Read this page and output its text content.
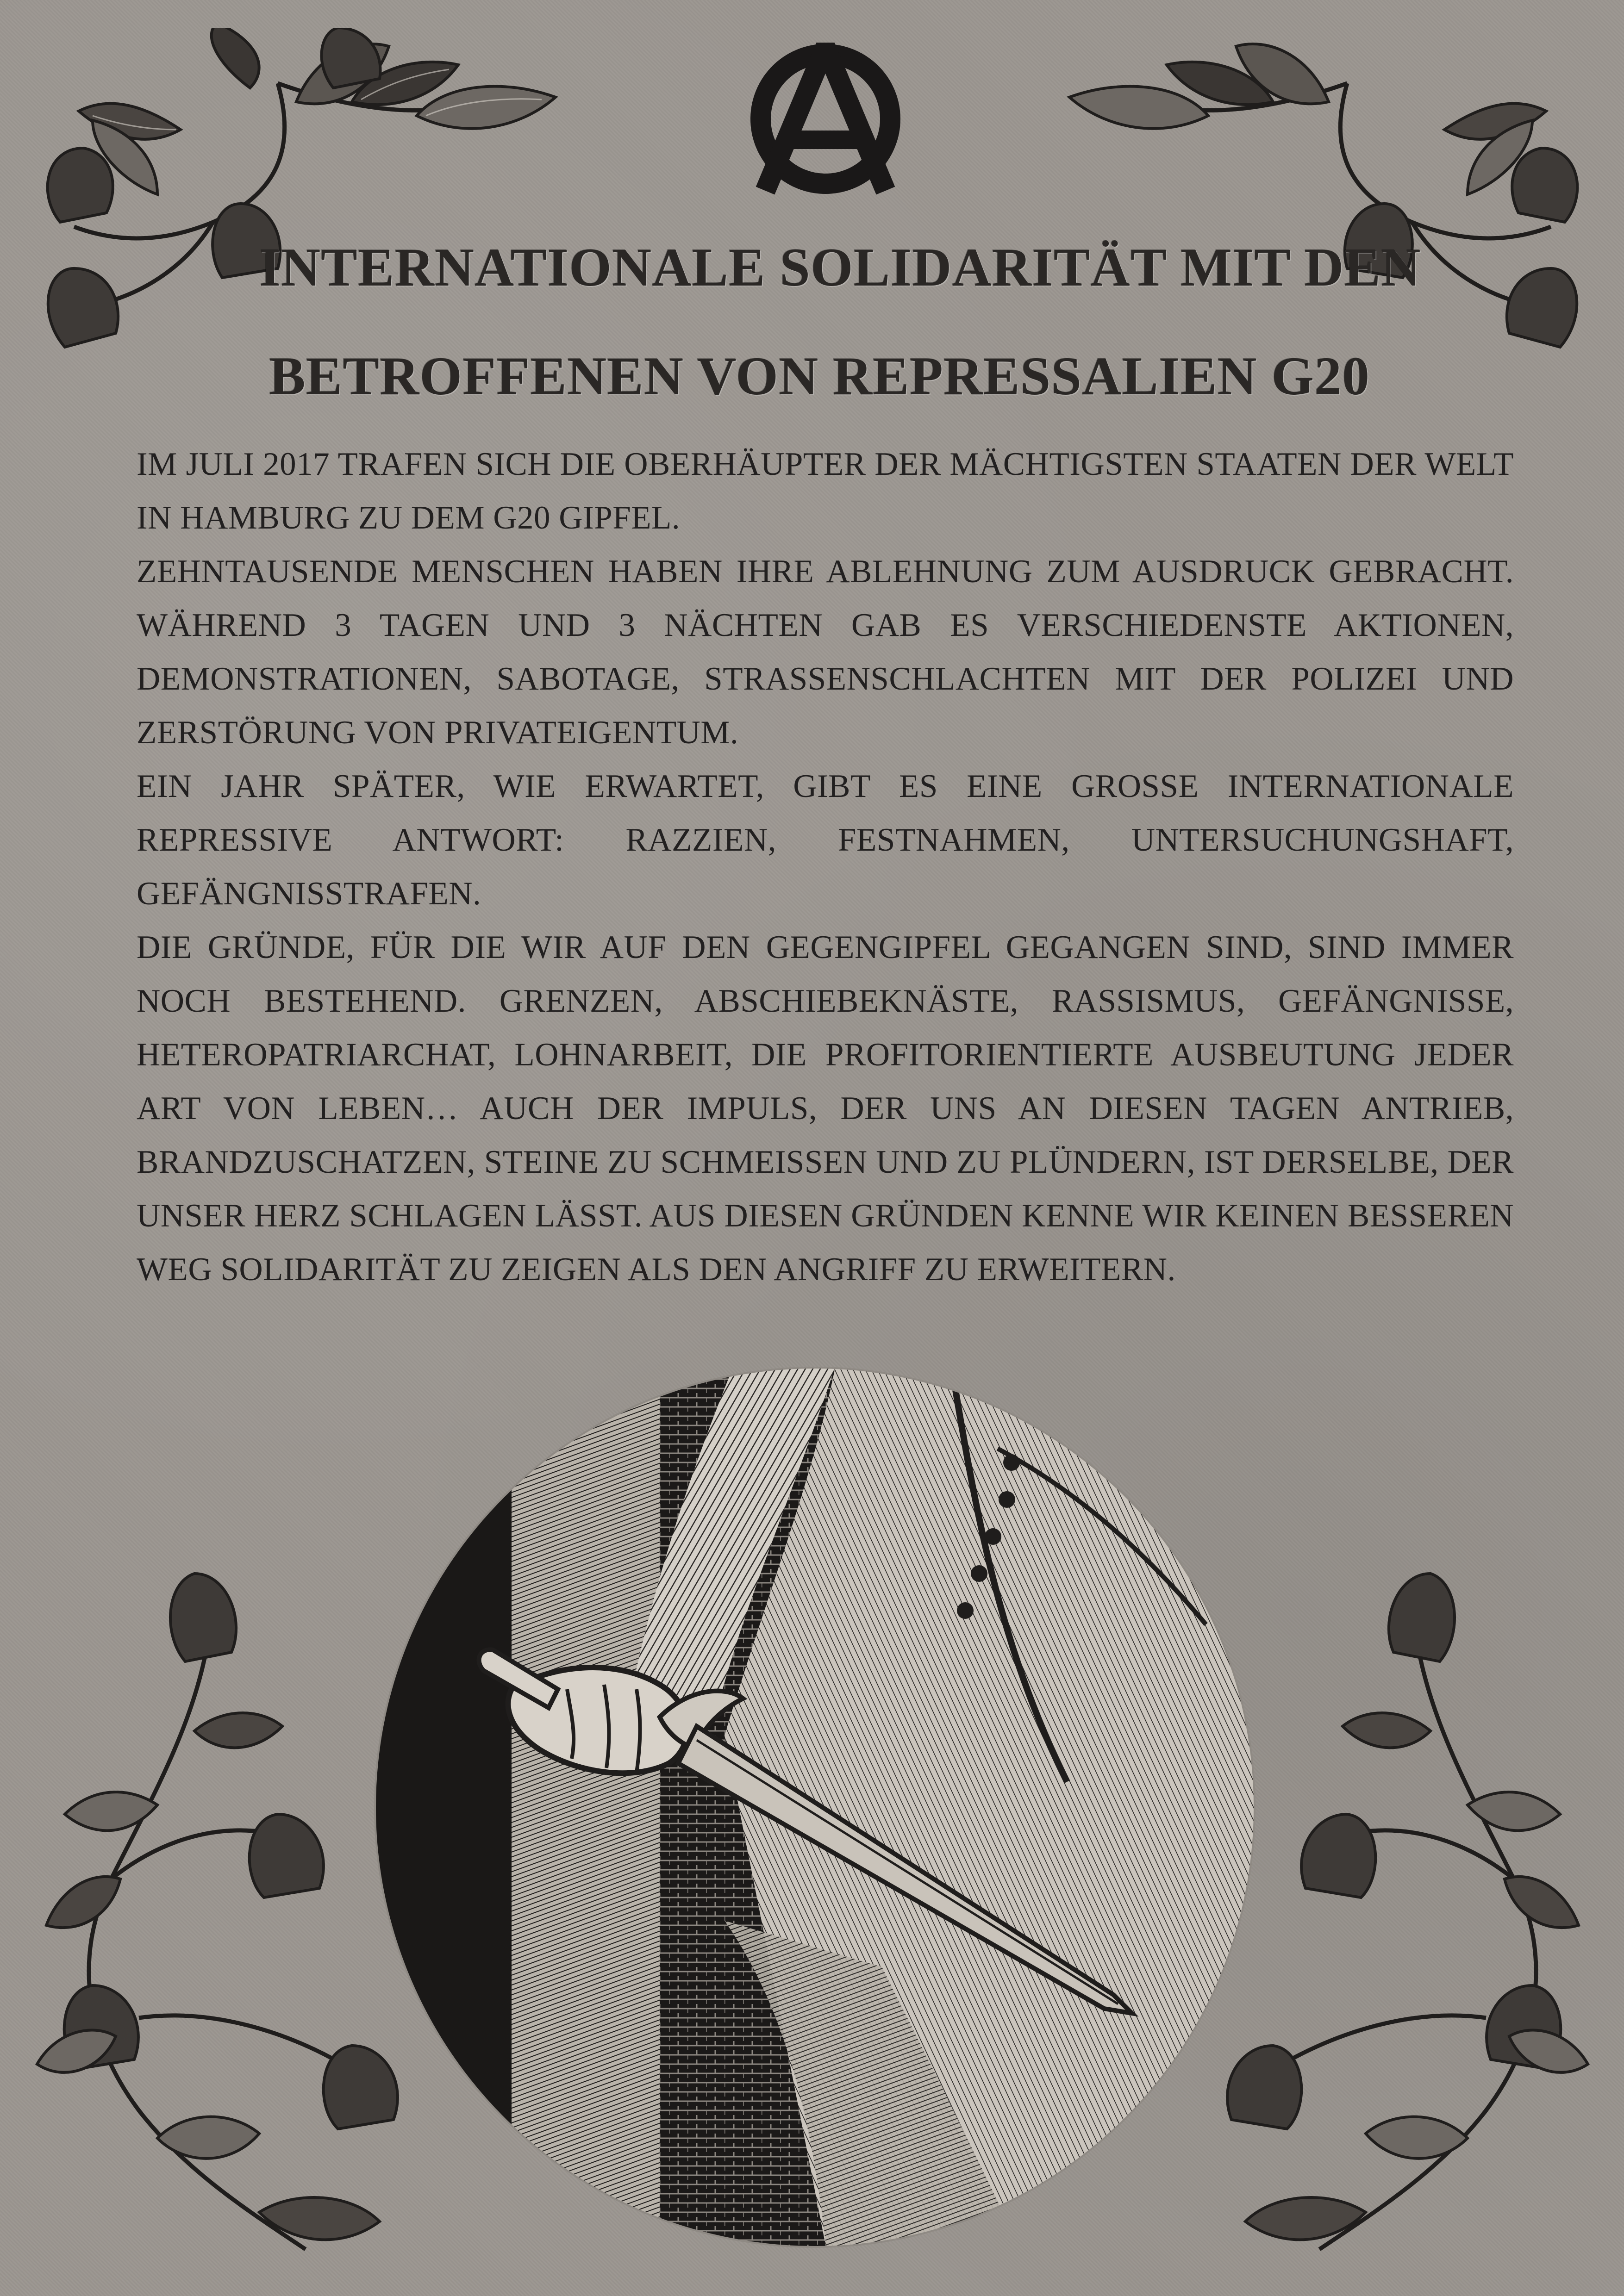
INTERNATIONALE SOLIDARITÄT MIT DEN
BETROFFENEN VON REPRESSALIEN G20

IM JULI 2017 TRAFEN SICH DIE OBERHÄUPTER DER MÄCHTIGSTEN STAATEN DER WELT IN HAMBURG ZU DEM G20 GIPFEL.

ZEHNTAUSENDE MENSCHEN HABEN IHRE ABLEHNUNG ZUM AUSDRUCK GEBRACHT. WÄHREND 3 TAGEN UND 3 NÄCHTEN GAB ES VERSCHIEDENSTE AKTIONEN, DEMONSTRATIONEN, SABOTAGE, STRASSENSCHLACHTEN MIT DER POLIZEI UND ZERSTÖRUNG VON PRIVATEIGENTUM.

EIN JAHR SPÄTER, WIE ERWARTET, GIBT ES EINE GROSSE INTERNATIONALE REPRESSIVE ANTWORT: RAZZIEN, FESTNAHMEN, UNTERSUCHUNGSHAFT, GEFÄNGNISSTRAFEN.

DIE GRÜNDE, FÜR DIE WIR AUF DEN GEGENGIPFEL GEGANGEN SIND, SIND IMMER NOCH BESTEHEND. GRENZEN, ABSCHIEBEKNÄSTE, RASSISMUS, GEFÄNGNISSE, HETEROPATRIARCHAT, LOHNARBEIT, DIE PROFITORIENTIERTE AUSBEUTUNG JEDER ART VON LEBEN… AUCH DER IMPULS, DER UNS AN DIESEN TAGEN ANTRIEB, BRANDZUSCHATZEN, STEINE ZU SCHMEISSEN UND ZU PLÜNDERN, IST DERSELBE, DER UNSER HERZ SCHLAGEN LÄSST. AUS DIESEN GRÜNDEN KENNE WIR KEINEN BESSEREN WEG SOLIDARITÄT ZU ZEIGEN ALS DEN ANGRIFF ZU ERWEITERN.
